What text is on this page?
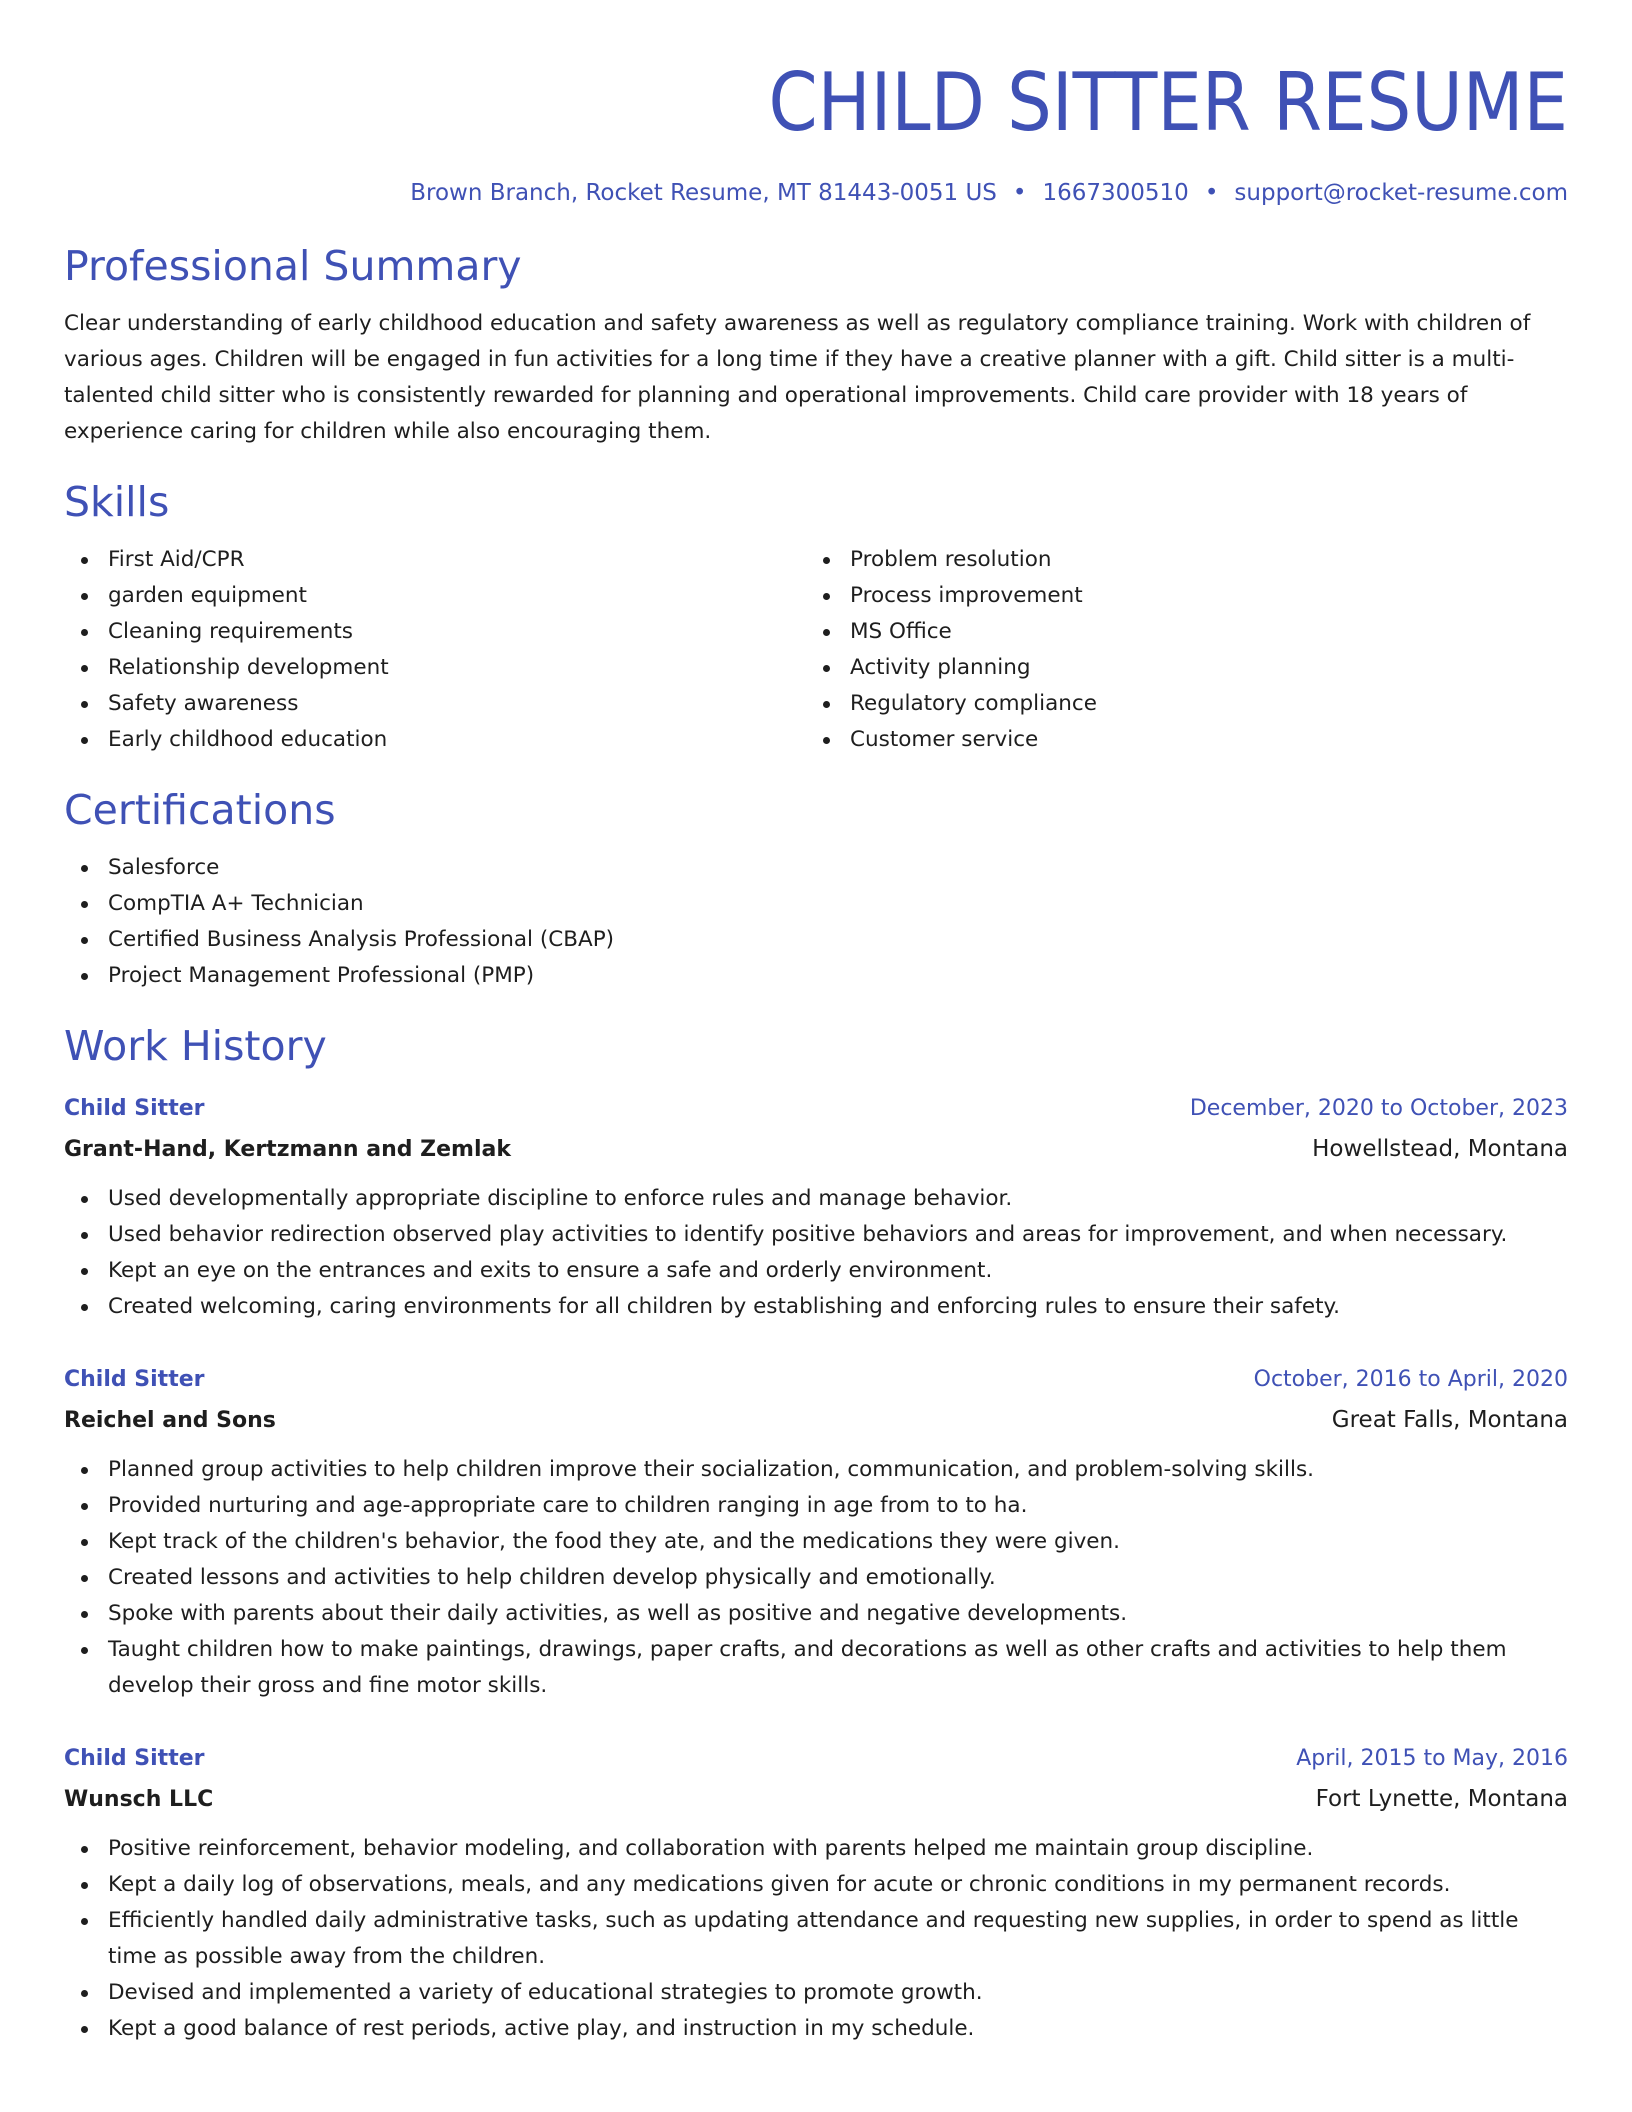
CHILD SITTER RESUME
Brown Branch, Rocket Resume, MT 81443-0051 US • 1667300510 • support@rocket-resume.com
Professional Summary

Clear understanding of early childhood education and safety awareness as well as regulatory compliance training. Work with children of various ages. Children will be engaged in fun activities for a long time if they have a creative planner with a gift. Child sitter is a multi-talented child sitter who is consistently rewarded for planning and operational improvements. Child care provider with 18 years of experience caring for children while also encouraging them.

Skills
First Aid/CPR
garden equipment
Cleaning requirements
Relationship development
Safety awareness
Early childhood education
Problem resolution
Process improvement
MS Office
Activity planning
Regulatory compliance
Customer service
Certifications
Salesforce
CompTIA A+ Technician
Certified Business Analysis Professional (CBAP)
Project Management Professional (PMP)
Work History
Child Sitter	December, 2020 to October, 2023
Grant-Hand, Kertzmann and Zemlak	Howellstead, Montana
Used developmentally appropriate discipline to enforce rules and manage behavior.
Used behavior redirection observed play activities to identify positive behaviors and areas for improvement, and when necessary.
Kept an eye on the entrances and exits to ensure a safe and orderly environment.
Created welcoming, caring environments for all children by establishing and enforcing rules to ensure their safety.
Child Sitter	October, 2016 to April, 2020
Reichel and Sons	Great Falls, Montana
Planned group activities to help children improve their socialization, communication, and problem-solving skills.
Provided nurturing and age-appropriate care to children ranging in age from to to ha.
Kept track of the children's behavior, the food they ate, and the medications they were given.
Created lessons and activities to help children develop physically and emotionally.
Spoke with parents about their daily activities, as well as positive and negative developments.
Taught children how to make paintings, drawings, paper crafts, and decorations as well as other crafts and activities to help them develop their gross and fine motor skills.
Child Sitter	April, 2015 to May, 2016
Wunsch LLC	Fort Lynette, Montana
Positive reinforcement, behavior modeling, and collaboration with parents helped me maintain group discipline.
Kept a daily log of observations, meals, and any medications given for acute or chronic conditions in my permanent records.
Efficiently handled daily administrative tasks, such as updating attendance and requesting new supplies, in order to spend as little time as possible away from the children.
Devised and implemented a variety of educational strategies to promote growth.
Kept a good balance of rest periods, active play, and instruction in my schedule.
